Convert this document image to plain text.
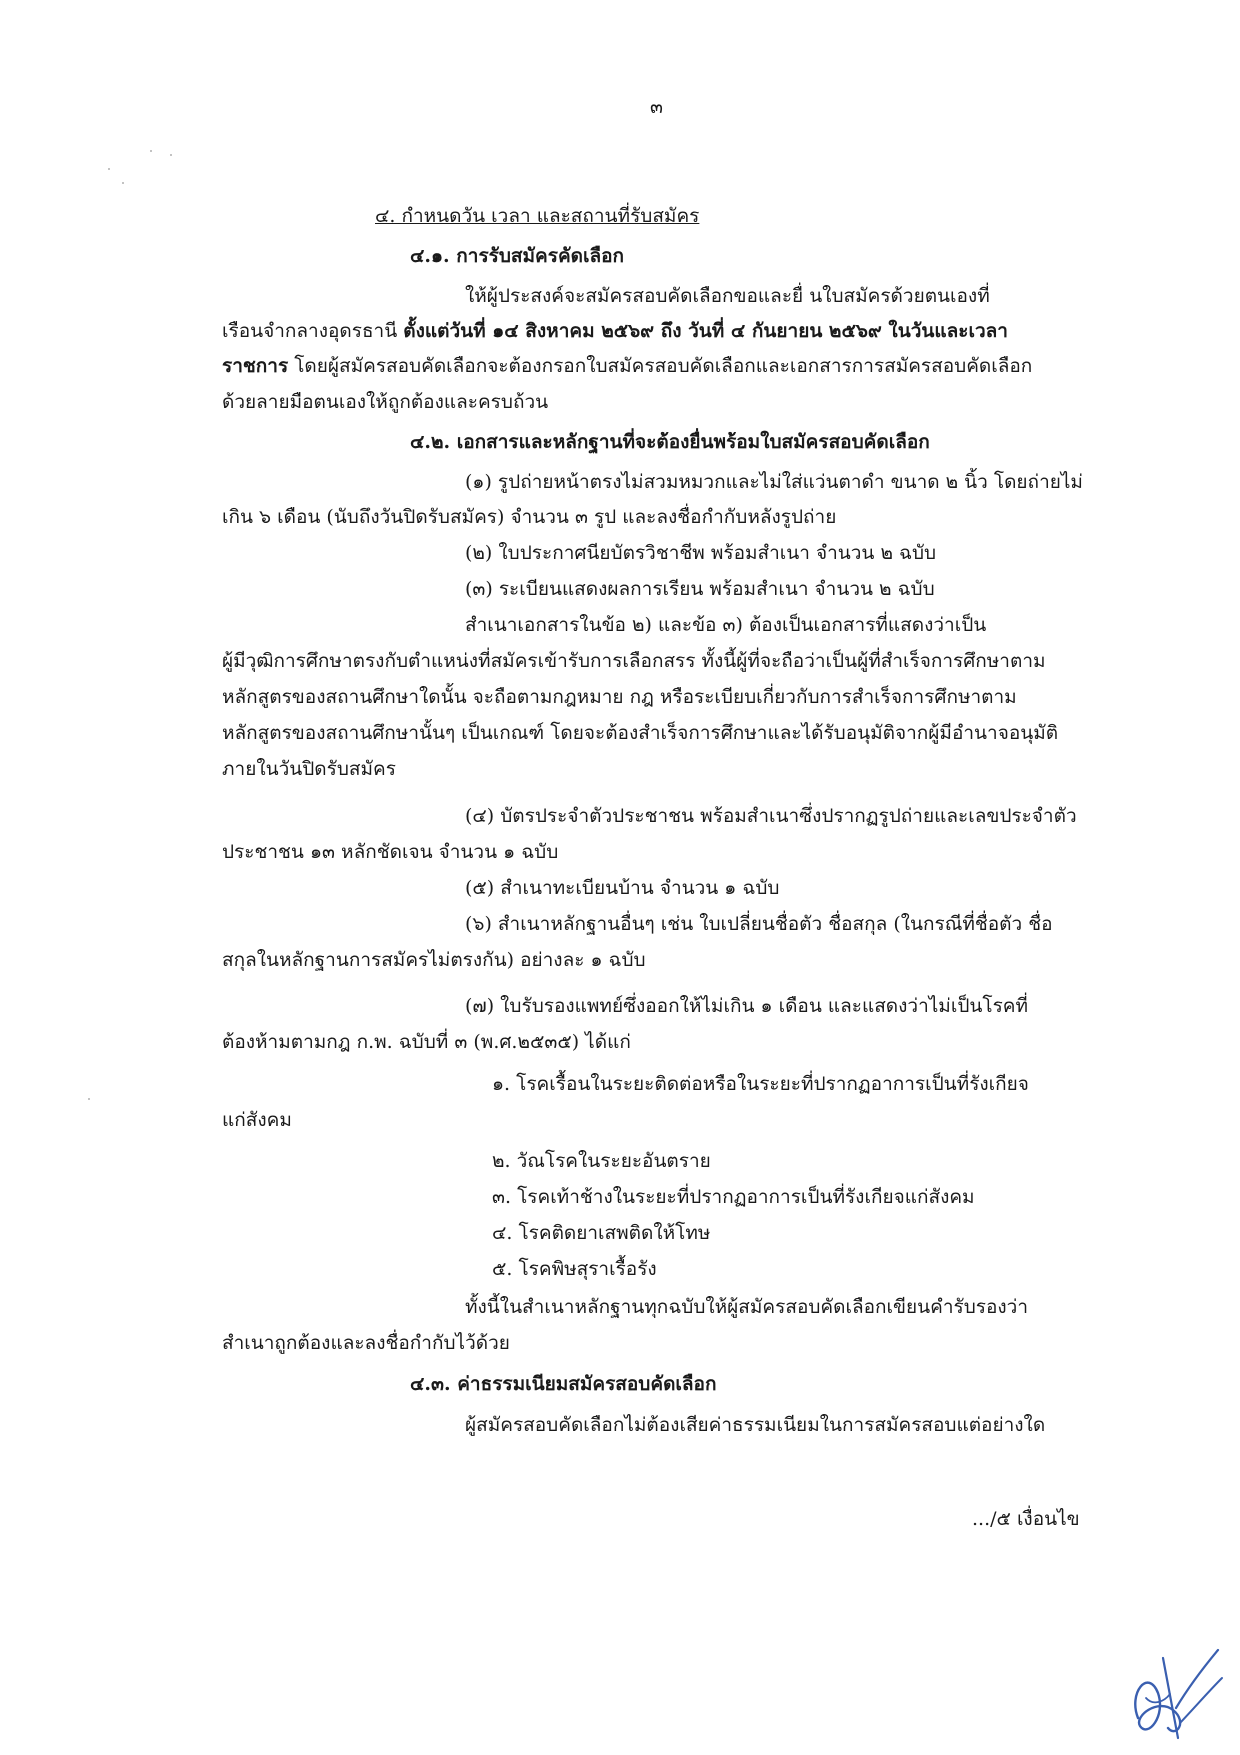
๓
๔. กำหนดวัน เวลา และสถานที่รับสมัคร
๔.๑. การรับสมัครคัดเลือก
ให้ผู้ประสงค์จะสมัครสอบคัดเลือกขอและยื่ นใบสมัครด้วยตนเองที่
เรือนจำกลางอุดรธานี ตั้งแต่วันที่ ๑๔ สิงหาคม ๒๕๖๙ ถึง วันที่ ๔ กันยายน ๒๕๖๙ ในวันและเวลา
ราชการ โดยผู้สมัครสอบคัดเลือกจะต้องกรอกใบสมัครสอบคัดเลือกและเอกสารการสมัครสอบคัดเลือก
ด้วยลายมือตนเองให้ถูกต้องและครบถ้วน
๔.๒. เอกสารและหลักฐานที่จะต้องยื่นพร้อมใบสมัครสอบคัดเลือก
(๑) รูปถ่ายหน้าตรงไม่สวมหมวกและไม่ใส่แว่นตาดำ ขนาด ๒ นิ้ว โดยถ่ายไม่
เกิน ๖ เดือน (นับถึงวันปิดรับสมัคร) จำนวน ๓ รูป และลงชื่อกำกับหลังรูปถ่าย
(๒) ใบประกาศนียบัตรวิชาชีพ พร้อมสำเนา จำนวน ๒ ฉบับ
(๓) ระเบียนแสดงผลการเรียน พร้อมสำเนา จำนวน ๒ ฉบับ
สำเนาเอกสารในข้อ ๒) และข้อ ๓) ต้องเป็นเอกสารที่แสดงว่าเป็น
ผู้มีวุฒิการศึกษาตรงกับตำแหน่งที่สมัครเข้ารับการเลือกสรร ทั้งนี้ผู้ที่จะถือว่าเป็นผู้ที่สำเร็จการศึกษาตาม
หลักสูตรของสถานศึกษาใดนั้น จะถือตามกฎหมาย กฎ หรือระเบียบเกี่ยวกับการสำเร็จการศึกษาตาม
หลักสูตรของสถานศึกษานั้นๆ เป็นเกณฑ์ โดยจะต้องสำเร็จการศึกษาและได้รับอนุมัติจากผู้มีอำนาจอนุมัติ
ภายในวันปิดรับสมัคร
(๔) บัตรประจำตัวประชาชน พร้อมสำเนาซึ่งปรากฏรูปถ่ายและเลขประจำตัว
ประชาชน ๑๓ หลักชัดเจน จำนวน ๑ ฉบับ
(๕) สำเนาทะเบียนบ้าน จำนวน ๑ ฉบับ
(๖) สำเนาหลักฐานอื่นๆ เช่น ใบเปลี่ยนชื่อตัว ชื่อสกุล (ในกรณีที่ชื่อตัว ชื่อ
สกุลในหลักฐานการสมัครไม่ตรงกัน) อย่างละ ๑ ฉบับ
(๗) ใบรับรองแพทย์ซึ่งออกให้ไม่เกิน ๑ เดือน และแสดงว่าไม่เป็นโรคที่
ต้องห้ามตามกฎ ก.พ. ฉบับที่ ๓ (พ.ศ.๒๕๓๕) ได้แก่
๑. โรคเรื้อนในระยะติดต่อหรือในระยะที่ปรากฏอาการเป็นที่รังเกียจ
แก่สังคม
๒. วัณโรคในระยะอันตราย
๓. โรคเท้าช้างในระยะที่ปรากฏอาการเป็นที่รังเกียจแก่สังคม
๔. โรคติดยาเสพติดให้โทษ
๕. โรคพิษสุราเรื้อรัง
ทั้งนี้ในสำเนาหลักฐานทุกฉบับให้ผู้สมัครสอบคัดเลือกเขียนคำรับรองว่า
สำเนาถูกต้องและลงชื่อกำกับไว้ด้วย
๔.๓. ค่าธรรมเนียมสมัครสอบคัดเลือก
ผู้สมัครสอบคัดเลือกไม่ต้องเสียค่าธรรมเนียมในการสมัครสอบแต่อย่างใด
.../๕ เงื่อนไข
